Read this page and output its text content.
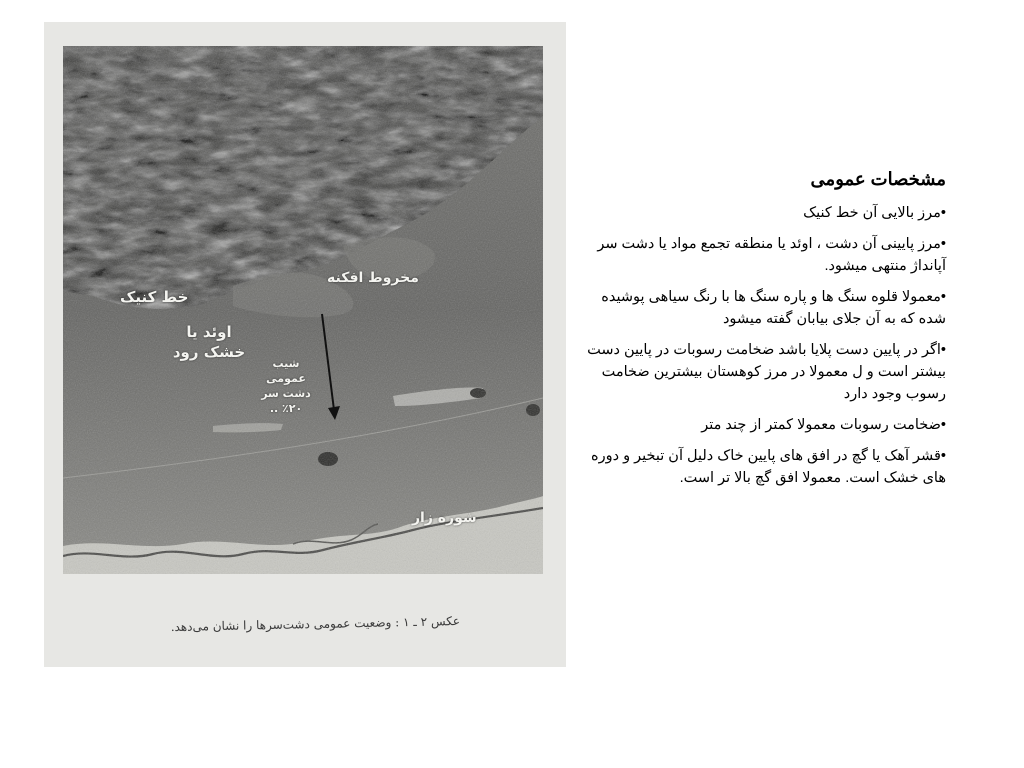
خط کنیک
مخروط افکنه
اوئد یا خشک رود
شیب عمومی دشت سر ۲۰٪ ..
شوره زار
عکس ۲ ـ ۱ : وضعیت عمومی دشت‌سرها را نشان می‌دهد.
مشخصات عمومی
•مرز بالایی آن خط کنیک
•مرز پایینی آن دشت ، اوئد یا منطقه تجمع مواد یا دشت سر آپانداژ منتهی میشود.
•معمولا قلوه سنگ ها و پاره سنگ ها با رنگ سیاهی پوشیده شده که به آن جلای بیابان گفته میشود
•اگر در پایین دست پلایا باشد ضخامت رسوبات در پایین دست بیشتر است و ل معمولا در مرز کوهستان بیشترین ضخامت رسوب وجود دارد
•ضخامت رسوبات معمولا کمتر از چند متر
•قشر آهک یا گچ در افق های پایین خاک دلیل آن تبخیر و دوره های خشک است. معمولا افق گچ بالا تر است.
